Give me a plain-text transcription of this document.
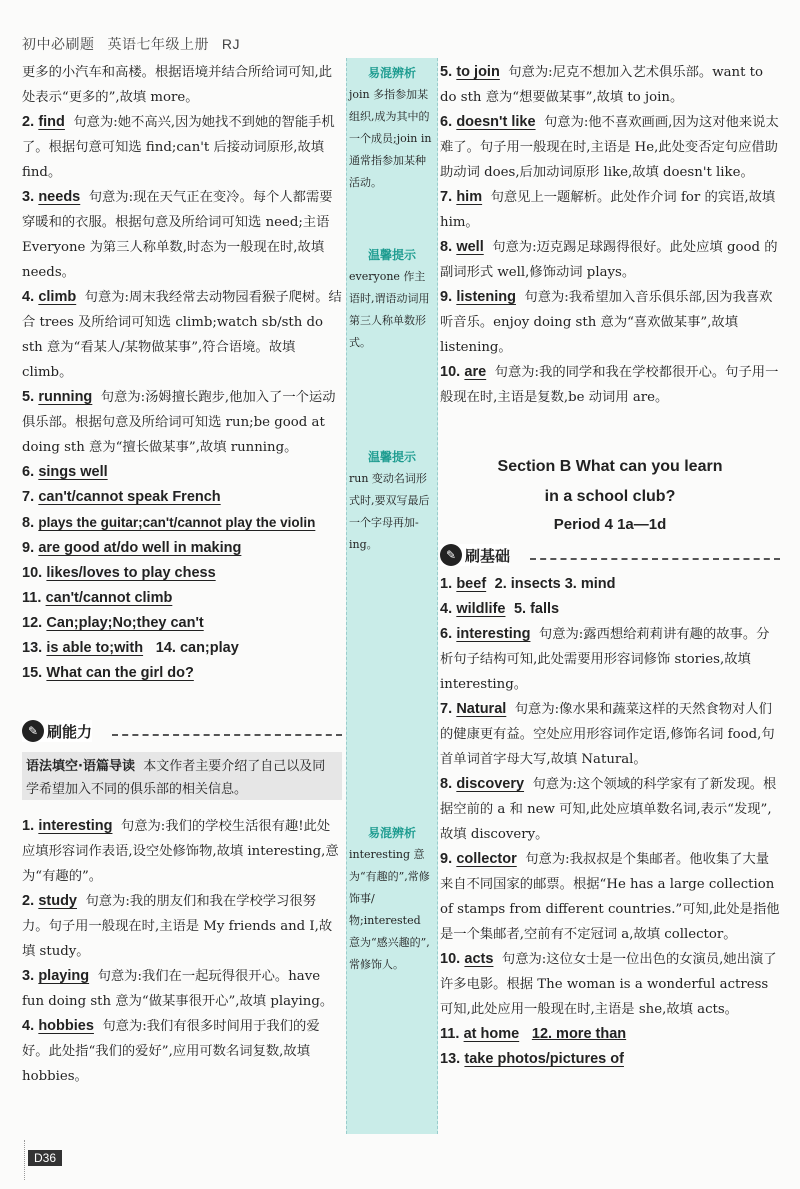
初中必刷题 英语七年级上册 RJ
易混辨析
join 多指参加某组织,成为其中的一个成员;join in 通常指参加某种活动。
温馨提示
everyone 作主语时,谓语动词用第三人称单数形式。
温馨提示
run 变动名词形式时,要双写最后一个字母再加-ing。
易混辨析
interesting 意为“有趣的”,常修饰事/物;interested 意为“感兴趣的”,常修饰人。

更多的小汽车和高楼。根据语境并结合所给词可知,此处表示“更多的”,故填 more。

2. find 句意为:她不高兴,因为她找不到她的智能手机了。根据句意可知选 find;can't 后接动词原形,故填 find。

3. needs 句意为:现在天气正在变冷。每个人都需要穿暖和的衣服。根据句意及所给词可知选 need;主语 Everyone 为第三人称单数,时态为一般现在时,故填 needs。

4. climb 句意为:周末我经常去动物园看猴子爬树。结合 trees 及所给词可知选 climb;watch sb/sth do sth 意为“看某人/某物做某事”,符合语境。故填 climb。

5. running 句意为:汤姆擅长跑步,他加入了一个运动俱乐部。根据句意及所给词可知选 run;be good at doing sth 意为“擅长做某事”,故填 running。

6. sings well

7. can't/cannot speak French

8. plays the guitar;can't/cannot play the violin

9. are good at/do well in making

10. likes/loves to play chess

11. can't/cannot climb

12. Can;play;No;they can't

13. is able to;with 14. can;play

15. What can the girl do?

✎ 刷能力
语法填空·语篇导读 本文作者主要介绍了自己以及同学希望加入不同的俱乐部的相关信息。

1. interesting 句意为:我们的学校生活很有趣!此处应填形容词作表语,设空处修饰物,故填 interesting,意为“有趣的”。

2. study 句意为:我的朋友们和我在学校学习很努力。句子用一般现在时,主语是 My friends and I,故填 study。

3. playing 句意为:我们在一起玩得很开心。have fun doing sth 意为“做某事很开心”,故填 playing。

4. hobbies 句意为:我们有很多时间用于我们的爱好。此处指“我们的爱好”,应用可数名词复数,故填 hobbies。

5. to join 句意为:尼克不想加入艺术俱乐部。want to do sth 意为“想要做某事”,故填 to join。

6. doesn't like 句意为:他不喜欢画画,因为这对他来说太难了。句子用一般现在时,主语是 He,此处变否定句应借助助动词 does,后加动词原形 like,故填 doesn't like。

7. him 句意见上一题解析。此处作介词 for 的宾语,故填 him。

8. well 句意为:迈克踢足球踢得很好。此处应填 good 的副词形式 well,修饰动词 plays。

9. listening 句意为:我希望加入音乐俱乐部,因为我喜欢听音乐。enjoy doing sth 意为“喜欢做某事”,故填 listening。

10. are 句意为:我的同学和我在学校都很开心。句子用一般现在时,主语是复数,be 动词用 are。

Section B What can you learn
in a school club?
Period 4 1a—1d
✎ 刷基础

1. beef 2. insects 3. mind

4. wildlife 5. falls

6. interesting 句意为:露西想给莉莉讲有趣的故事。分析句子结构可知,此处需要用形容词修饰 stories,故填 interesting。

7. Natural 句意为:像水果和蔬菜这样的天然食物对人们的健康更有益。空处应用形容词作定语,修饰名词 food,句首单词首字母大写,故填 Natural。

8. discovery 句意为:这个领域的科学家有了新发现。根据空前的 a 和 new 可知,此处应填单数名词,表示“发现”,故填 discovery。

9. collector 句意为:我叔叔是个集邮者。他收集了大量来自不同国家的邮票。根据“He has a large collection of stamps from different countries.”可知,此处是指他是一个集邮者,空前有不定冠词 a,故填 collector。

10. acts 句意为:这位女士是一位出色的女演员,她出演了许多电影。根据 The woman is a wonderful actress 可知,此处应用一般现在时,主语是 she,故填 acts。

11. at home 12. more than

13. take photos/pictures of

D36
